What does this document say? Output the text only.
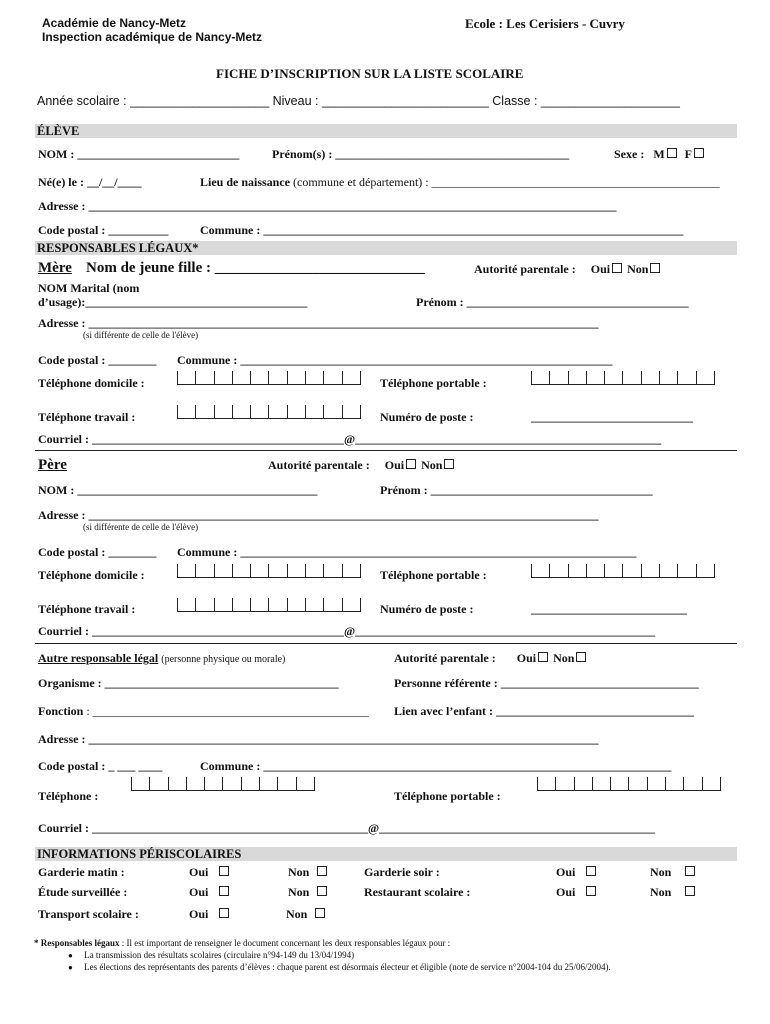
Académie de Nancy-Metz
Inspection académique de Nancy-Metz
Ecole : Les Cerisiers - Cuvry
FICHE D’INSCRIPTION SUR LA LISTE SCOLAIRE
Année scolaire : ____________________ Niveau : ________________________ Classe : ____________________
ÉLÈVE
NOM : ___________________________	Prénom(s) : _______________________________________	Sexe : M F
Né(e) le : __/__/____	Lieu de naissance (commune et département) : ________________________________________________
Adresse : ________________________________________________________________________________________
Code postal : __________	Commune : ______________________________________________________________________
RESPONSABLES LÉGAUX*
Mère Nom de jeune fille : ____________________________	Autorité parentale : Oui Non
NOM Marital (nom
d’usage):_____________________________________	Prénom : _____________________________________
Adresse : _____________________________________________________________________________________
(si différente de celle de l'élève)
Code postal : ________ Commune : ______________________________________________________________
Téléphone domicile :	Téléphone portable :
Téléphone travail :	Numéro de poste :	___________________________
Courriel : __________________________________________@___________________________________________________
Père	Autorité parentale : Oui Non
NOM : ________________________________________	Prénom : _____________________________________
Adresse : _____________________________________________________________________________________
(si différente de celle de l'élève)
Code postal : ________ Commune : __________________________________________________________________
Téléphone domicile :	Téléphone portable :
Téléphone travail :	Numéro de poste :	__________________________
Courriel : __________________________________________@__________________________________________________
Autre responsable légal (personne physique ou morale)	Autorité parentale : Oui Non
Organisme : _______________________________________	Personne référente : _________________________________
Fonction : ______________________________________________ Lien avec l’enfant : _________________________________
Adresse : _____________________________________________________________________________________
Code postal : _ ___ ____	Commune : ____________________________________________________________________
Téléphone :	Téléphone portable :
Courriel : ______________________________________________@______________________________________________
INFORMATIONS PÉRISCOLAIRES
Garderie matin :	Oui	Non	Garderie soir :	Oui	Non
Étude surveillée :	Oui	Non	Restaurant scolaire :	Oui	Non
Transport scolaire :	Oui	Non
* Responsables légaux : Il est important de renseigner le document concernant les deux responsables légaux pour :
● La transmission des résultats scolaires (circulaire n°94-149 du 13/04/1994)
● Les élections des représentants des parents d’élèves : chaque parent est désormais électeur et éligible (note de service n°2004-104 du 25/06/2004).
